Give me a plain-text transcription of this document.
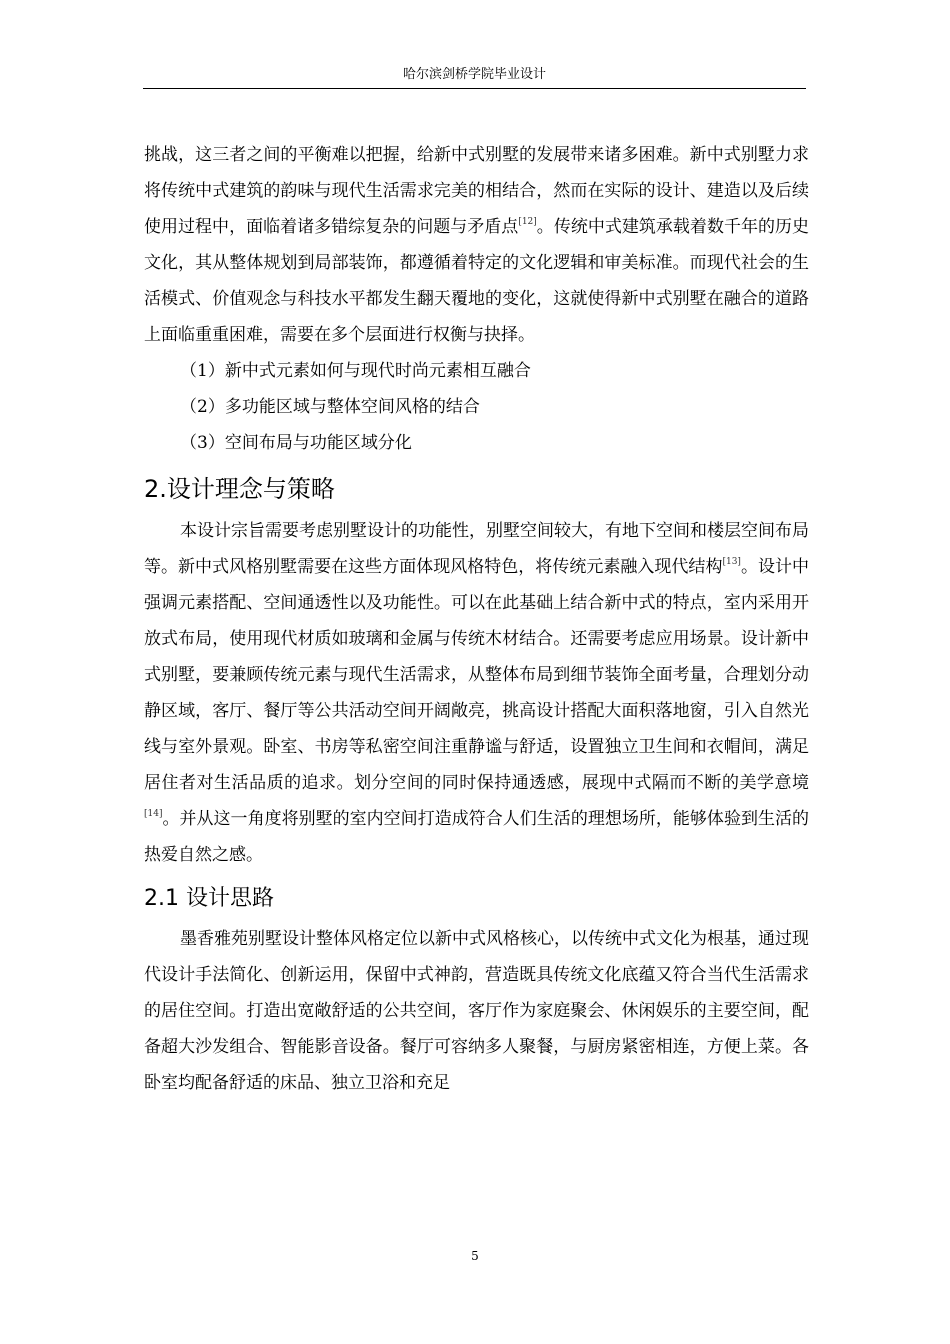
哈尔滨剑桥学院毕业设计

挑战，这三者之间的平衡难以把握，给新中式别墅的发展带来诸多困难。新中式别墅力求将传统中式建筑的韵味与现代生活需求完美的相结合，然而在实际的设计、建造以及后续使用过程中，面临着诸多错综复杂的问题与矛盾点[12]。传统中式建筑承载着数千年的历史文化，其从整体规划到局部装饰，都遵循着特定的文化逻辑和审美标准。而现代社会的生活模式、价值观念与科技水平都发生翻天覆地的变化，这就使得新中式别墅在融合的道路上面临重重困难，需要在多个层面进行权衡与抉择。

（1）新中式元素如何与现代时尚元素相互融合

（2）多功能区域与整体空间风格的结合

（3）空间布局与功能区域分化

2.设计理念与策略

本设计宗旨需要考虑别墅设计的功能性，别墅空间较大，有地下空间和楼层空间布局等。新中式风格别墅需要在这些方面体现风格特色，将传统元素融入现代结构[13]。设计中强调元素搭配、空间通透性以及功能性。可以在此基础上结合新中式的特点，室内采用开放式布局，使用现代材质如玻璃和金属与传统木材结合。还需要考虑应用场景。设计新中式别墅，要兼顾传统元素与现代生活需求，从整体布局到细节装饰全面考量，合理划分动静区域，客厅、餐厅等公共活动空间开阔敞亮，挑高设计搭配大面积落地窗，引入自然光线与室外景观。卧室、书房等私密空间注重静谧与舒适，设置独立卫生间和衣帽间，满足居住者对生活品质的追求。划分空间的同时保持通透感，展现中式隔而不断的美学意境[14]。并从这一角度将别墅的室内空间打造成符合人们生活的理想场所，能够体验到生活的热爱自然之感。

2.1 设计思路

墨香雅苑别墅设计整体风格定位以新中式风格核心，以传统中式文化为根基，通过现代设计手法简化、创新运用，保留中式神韵，营造既具传统文化底蕴又符合当代生活需求的居住空间。打造出宽敞舒适的公共空间，客厅作为家庭聚会、休闲娱乐的主要空间，配备超大沙发组合、智能影音设备。餐厅可容纳多人聚餐，与厨房紧密相连，方便上菜。各卧室均配备舒适的床品、独立卫浴和充足

5
